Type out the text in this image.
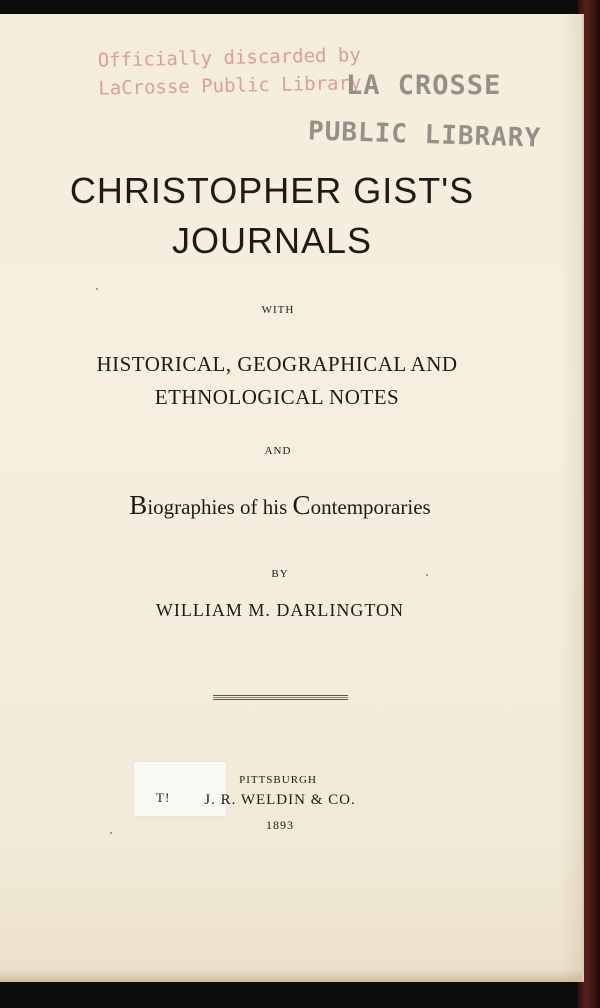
Officially discarded by
LaCrosse Public Library
LA CROSSE
PUBLIC LIBRARY
CHRISTOPHER GIST'S
JOURNALS
WITH
HISTORICAL, GEOGRAPHICAL AND
ETHNOLOGICAL NOTES
AND
Biographies of his Contemporaries
BY
WILLIAM M. DARLINGTON
T!
PITTSBURGH
J. R. WELDIN & CO.
1893
